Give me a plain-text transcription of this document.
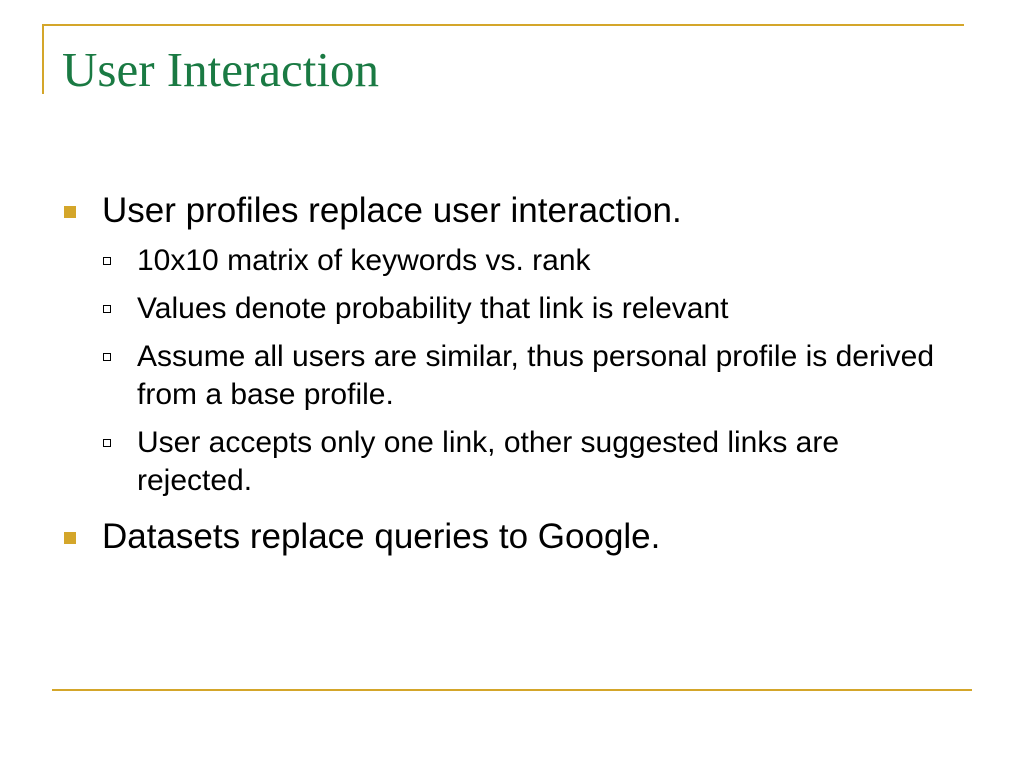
User Interaction
User profiles replace user interaction.
10x10 matrix of keywords vs. rank
Values denote probability that link is relevant
Assume all users are similar, thus personal profile is derived from a base profile.
User accepts only one link, other suggested links are rejected.
Datasets replace queries to Google.
